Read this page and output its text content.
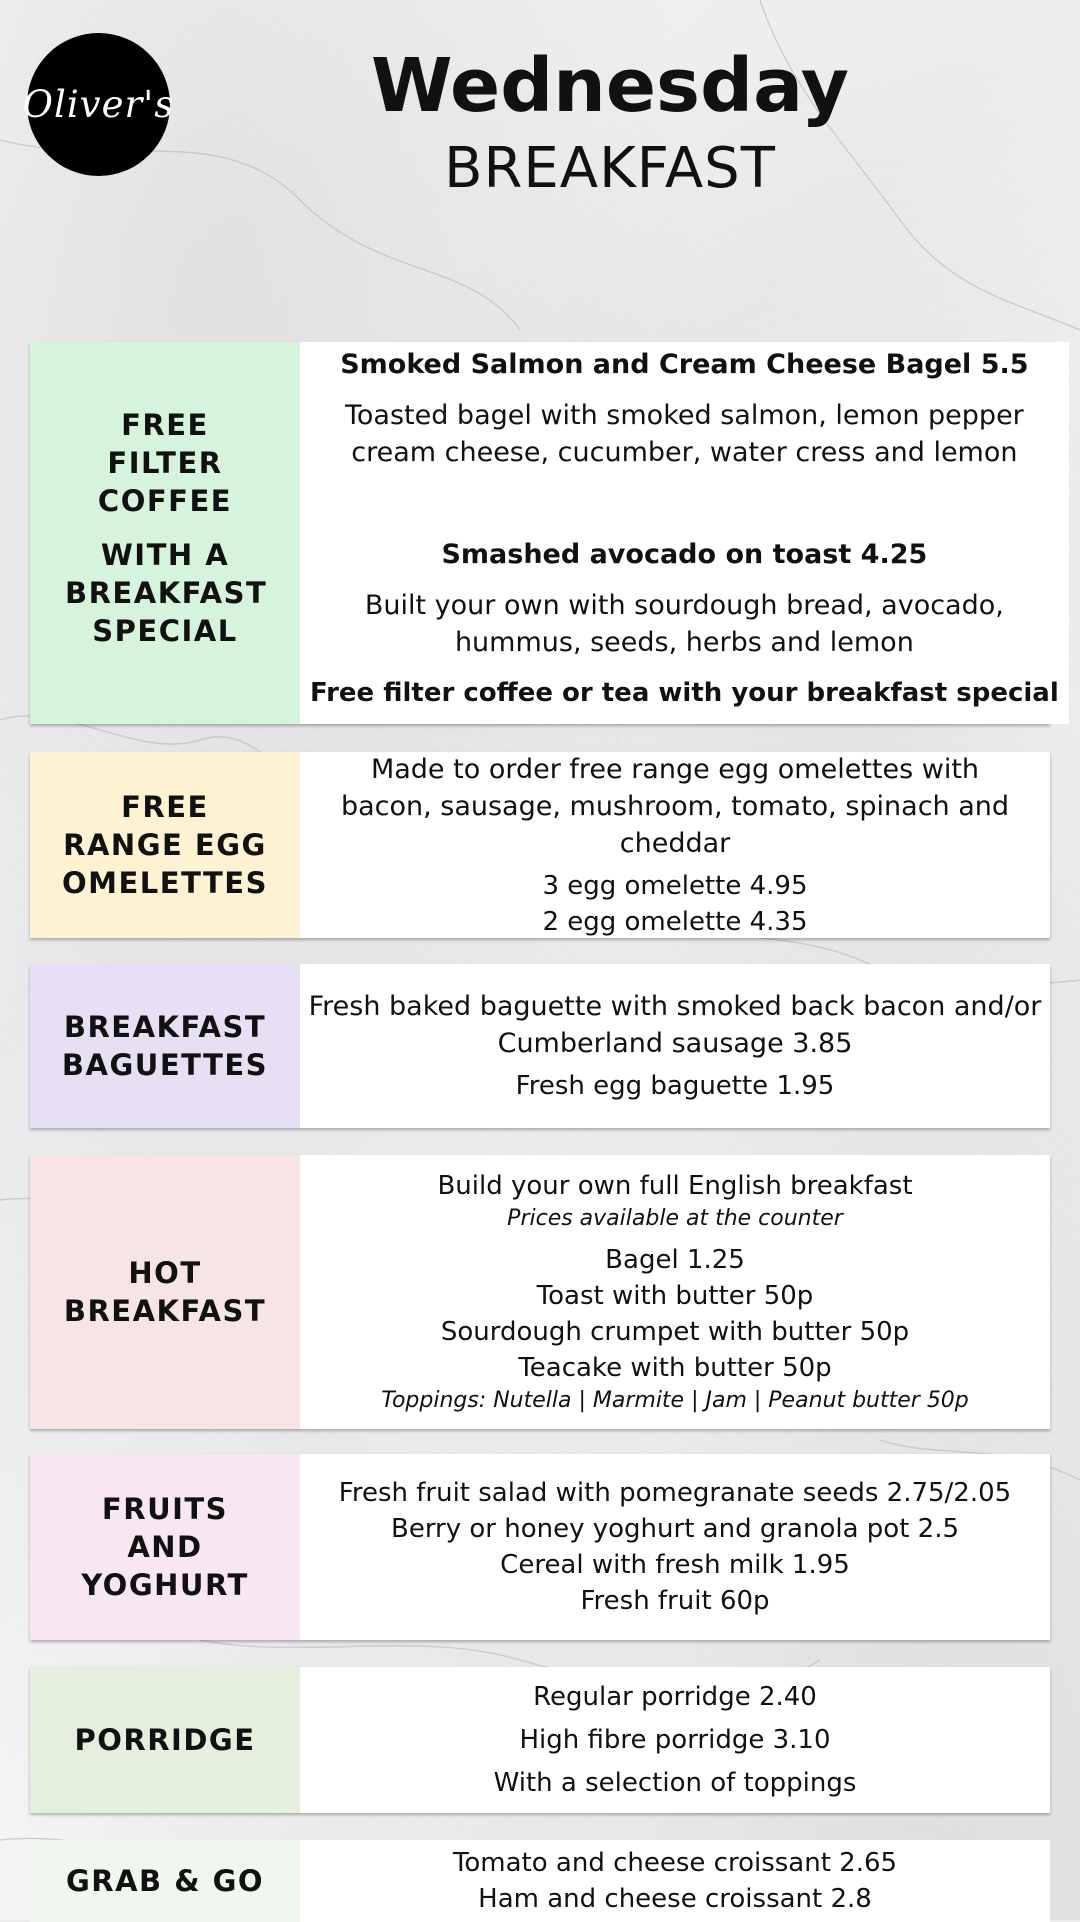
Oliver's	Wednesday
BREAKFAST
FREE FILTER COFFEE
WITH A BREAKFAST SPECIAL
Smoked Salmon and Cream Cheese Bagel 5.5
Toasted bagel with smoked salmon, lemon pepper cream cheese, cucumber, water cress and lemon
Smashed avocado on toast 4.25
Built your own with sourdough bread, avocado, hummus, seeds, herbs and lemon
Free filter coffee or tea with your breakfast special
FREE RANGE EGG OMELETTES
Made to order free range egg omelettes with bacon, sausage, mushroom, tomato, spinach and cheddar
3 egg omelette 4.95
2 egg omelette 4.35
BREAKFAST BAGUETTES
Fresh baked baguette with smoked back bacon and/or Cumberland sausage 3.85
Fresh egg baguette 1.95
HOT BREAKFAST
Build your own full English breakfast
Prices available at the counter
Bagel 1.25
Toast with butter 50p
Sourdough crumpet with butter 50p
Teacake with butter 50p
Toppings: Nutella | Marmite | Jam | Peanut butter 50p
FRUITS AND YOGHURT
Fresh fruit salad with pomegranate seeds 2.75/2.05
Berry or honey yoghurt and granola pot 2.5
Cereal with fresh milk 1.95
Fresh fruit 60p
PORRIDGE
Regular porridge 2.40
High fibre porridge 3.10
With a selection of toppings
GRAB & GO
Tomato and cheese croissant 2.65
Ham and cheese croissant 2.8
